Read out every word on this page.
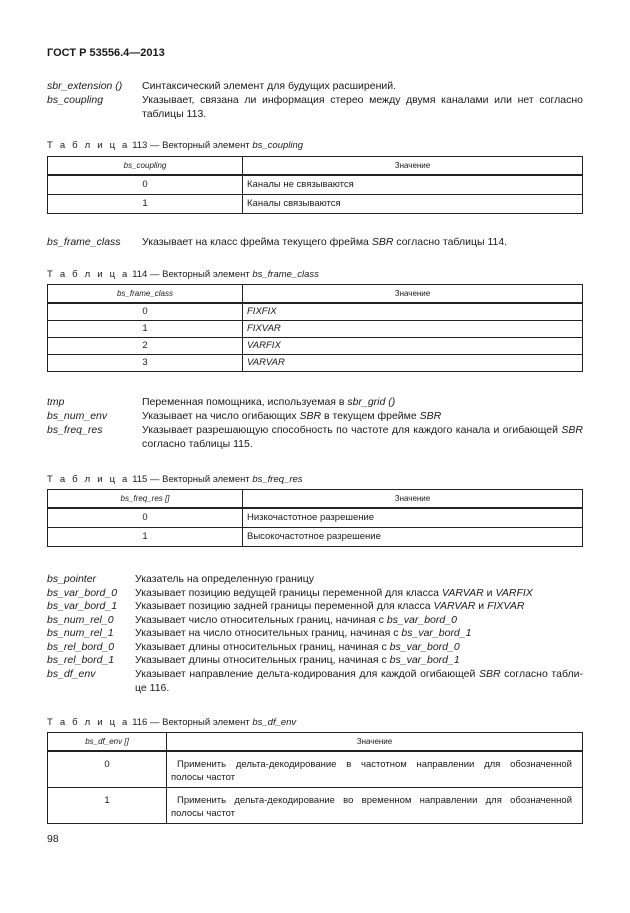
ГОСТ Р 53556.4—2013
sbr_extension () Синтаксический элемент для будущих расширений.
bs_coupling	Указывает, связана ли информация стерео между двумя каналами или нет согласно
таблицы 113.
Т а б л и ц а 113 — Векторный элемент bs_coupling
bs_coupling	Значение
0	Каналы не связываются
1	Каналы связываются
bs_frame_class Указывает на класс фрейма текущего фрейма SBR согласно таблицы 114.
Т а б л и ц а 114 — Векторный элемент bs_frame_class
bs_frame_class	Значение
0	FIXFIX
1	FIXVAR
2	VARFIX
3	VARVAR
tmp	Переменная помощника, используемая в sbr_grid ()
bs_num_env	Указывает на число огибающих SBR в текущем фрейме SBR
bs_freq_res	Указывает разрешающую способность по частоте для каждого канала и огибающей SBR
согласно таблицы 115.
Т а б л и ц а 115 — Векторный элемент bs_freq_res
bs_freq_res []	Значение
0	Низкочастотное разрешение
1	Высокочастотное разрешение
bs_pointer	Указатель на определенную границу
bs_var_bord_0 Указывает позицию ведущей границы переменной для класса VARVAR и VARFIX
bs_var_bord_1 Указывает позицию задней границы переменной для класса VARVAR и FIXVAR
bs_num_rel_0 Указывает число относительных границ, начиная с bs_var_bord_0
bs_num_rel_1 Указывает на число относительных границ, начиная с bs_var_bord_1
bs_rel_bord_0 Указывает длины относительных границ, начиная с bs_var_bord_0
bs_rel_bord_1 Указывает длины относительных границ, начиная с bs_var_bord_1
bs_df_env	Указывает направление дельта-кодирования для каждой огибающей SBR согласно табли-
це 116.
Т а б л и ц а 116 — Векторный элемент bs_df_env
bs_df_env []	Значение
0	Применить дельта-декодирование в частотном направлении для обозначенной
полосы частот

1	Применить дельта-декодирование во временном направлении для обозначенной
полосы частот
98
